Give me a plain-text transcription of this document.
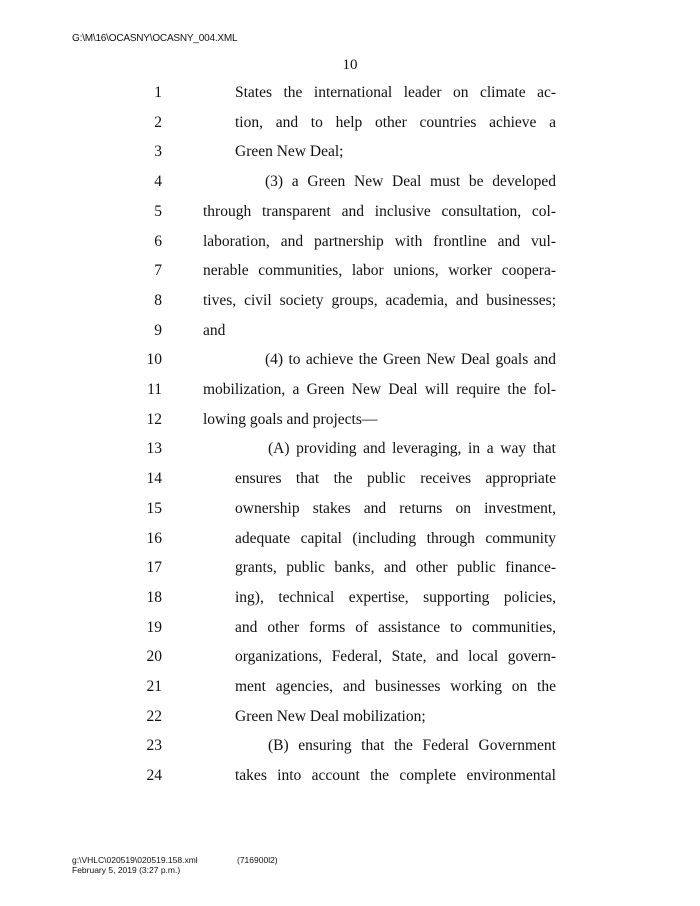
G:\M\16\OCASNY\OCASNY_004.XML
10
1	States the international leader on climate ac-
2	tion, and to help other countries achieve a
3	Green New Deal;
4	(3) a Green New Deal must be developed
5	through transparent and inclusive consultation, col-
6	laboration, and partnership with frontline and vul-
7	nerable communities, labor unions, worker coopera-
8	tives, civil society groups, academia, and businesses;
9	and
10	(4) to achieve the Green New Deal goals and
11	mobilization, a Green New Deal will require the fol-
12	lowing goals and projects—
13	(A) providing and leveraging, in a way that
14	ensures that the public receives appropriate
15	ownership stakes and returns on investment,
16	adequate capital (including through community
17	grants, public banks, and other public finance-
18	ing), technical expertise, supporting policies,
19	and other forms of assistance to communities,
20	organizations, Federal, State, and local govern-
21	ment agencies, and businesses working on the
22	Green New Deal mobilization;
23	(B) ensuring that the Federal Government
24	takes into account the complete environmental
g:\VHLC\020519\020519.158.xml	(716900l2)

February 5, 2019 (3:27 p.m.)
